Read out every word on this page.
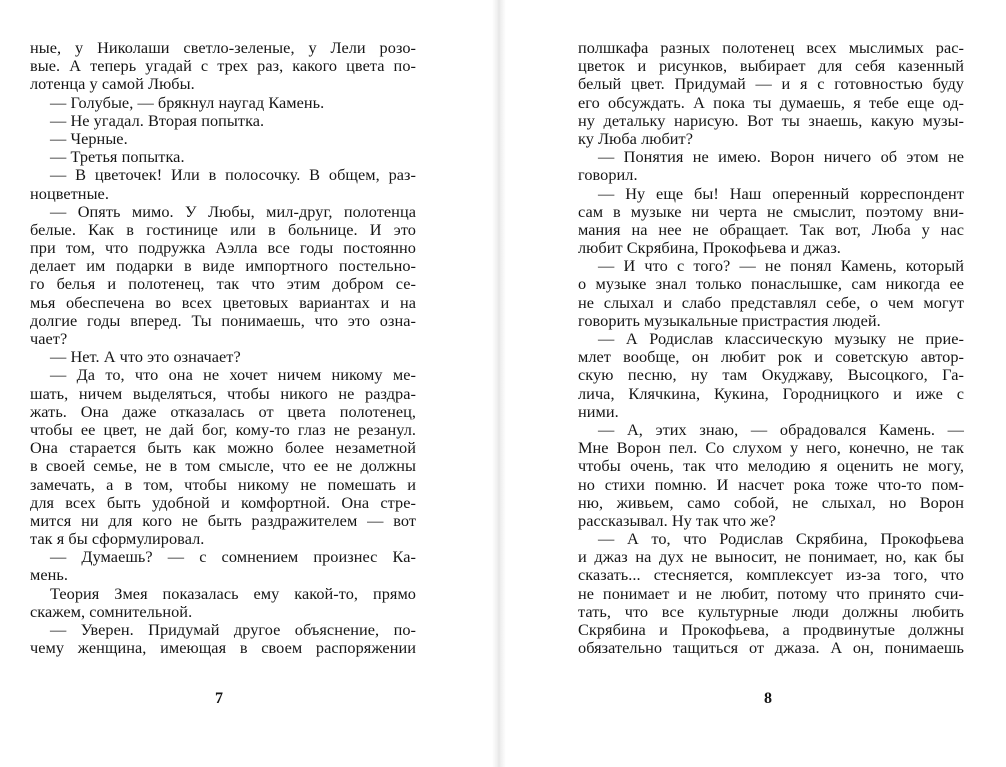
ные, у Николаши светло-зеленые, у Лели розо-
вые. А теперь угадай с трех раз, какого цвета по-
лотенца у самой Любы.
— Голубые, — брякнул наугад Камень.
— Не угадал. Вторая попытка.
— Черные.
— Третья попытка.
— В цветочек! Или в полосочку. В общем, раз-
ноцветные.
— Опять мимо. У Любы, мил-друг, полотенца
белые. Как в гостинице или в больнице. И это
при том, что подружка Аэлла все годы постоянно
делает им подарки в виде импортного постельно-
го белья и полотенец, так что этим добром се-
мья обеспечена во всех цветовых вариантах и на
долгие годы вперед. Ты понимаешь, что это озна-
чает?
— Нет. А что это означает?
— Да то, что она не хочет ничем никому ме-
шать, ничем выделяться, чтобы никого не раздра-
жать. Она даже отказалась от цвета полотенец,
чтобы ее цвет, не дай бог, кому-то глаз не резанул.
Она старается быть как можно более незаметной
в своей семье, не в том смысле, что ее не должны
замечать, а в том, чтобы никому не помешать и
для всех быть удобной и комфортной. Она стре-
мится ни для кого не быть раздражителем — вот
так я бы сформулировал.
— Думаешь? — с сомнением произнес Ка-
мень.
Теория Змея показалась ему какой-то, прямо
скажем, сомнительной.
— Уверен. Придумай другое объяснение, по-
чему женщина, имеющая в своем распоряжении
7
полшкафа разных полотенец всех мыслимых рас-
цветок и рисунков, выбирает для себя казенный
белый цвет. Придумай — и я с готовностью буду
его обсуждать. А пока ты думаешь, я тебе еще од-
ну детальку нарисую. Вот ты знаешь, какую музы-
ку Люба любит?
— Понятия не имею. Ворон ничего об этом не
говорил.
— Ну еще бы! Наш оперенный корреспондент
сам в музыке ни черта не смыслит, поэтому вни-
мания на нее не обращает. Так вот, Люба у нас
любит Скрябина, Прокофьева и джаз.
— И что с того? — не понял Камень, который
о музыке знал только понаслышке, сам никогда ее
не слыхал и слабо представлял себе, о чем могут
говорить музыкальные пристрастия людей.
— А Родислав классическую музыку не прие-
млет вообще, он любит рок и советскую автор-
скую песню, ну там Окуджаву, Высоцкого, Га-
лича, Клячкина, Кукина, Городницкого и иже с
ними.
— А, этих знаю, — обрадовался Камень. —
Мне Ворон пел. Со слухом у него, конечно, не так
чтобы очень, так что мелодию я оценить не могу,
но стихи помню. И насчет рока тоже что-то пом-
ню, живьем, само собой, не слыхал, но Ворон
рассказывал. Ну так что же?
— А то, что Родислав Скрябина, Прокофьева
и джаз на дух не выносит, не понимает, но, как бы
сказать... стесняется, комплексует из-за того, что
не понимает и не любит, потому что принято счи-
тать, что все культурные люди должны любить
Скрябина и Прокофьева, а продвинутые должны
обязательно тащиться от джаза. А он, понимаешь
8
